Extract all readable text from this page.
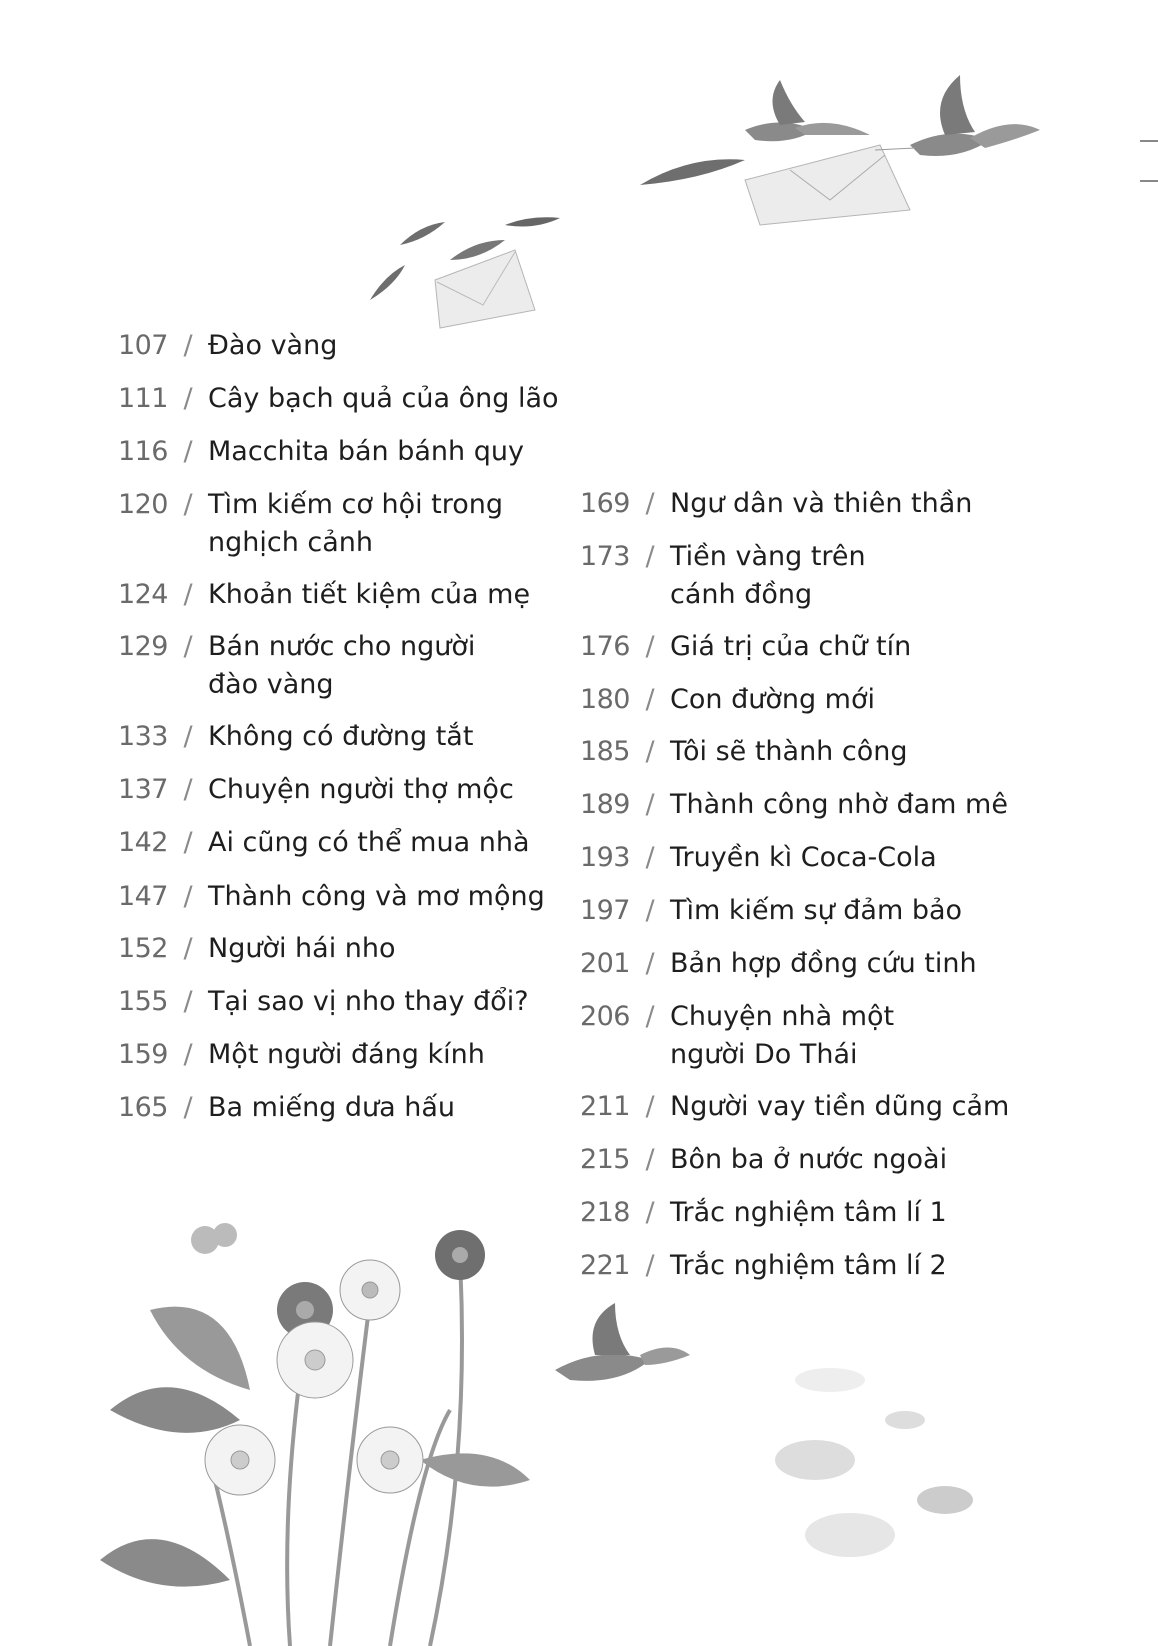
107 / Đào vàng
111 / Cây bạch quả của ông lão
116 / Macchita bán bánh quy
120 / Tìm kiếm cơ hội trong
nghịch cảnh
124 / Khoản tiết kiệm của mẹ
129 / Bán nước cho người
đào vàng
133 / Không có đường tắt
137 / Chuyện người thợ mộc
142 / Ai cũng có thể mua nhà
147 / Thành công và mơ mộng
152 / Người hái nho
155 / Tại sao vị nho thay đổi?
159 / Một người đáng kính
165 / Ba miếng dưa hấu
169 / Ngư dân và thiên thần
173 / Tiền vàng trên
cánh đồng
176 / Giá trị của chữ tín
180 / Con đường mới
185 / Tôi sẽ thành công
189 / Thành công nhờ đam mê
193 / Truyền kì Coca-Cola
197 / Tìm kiếm sự đảm bảo
201 / Bản hợp đồng cứu tinh
206 / Chuyện nhà một
người Do Thái
211 / Người vay tiền dũng cảm
215 / Bôn ba ở nước ngoài
218 / Trắc nghiệm tâm lí 1
221 / Trắc nghiệm tâm lí 2
